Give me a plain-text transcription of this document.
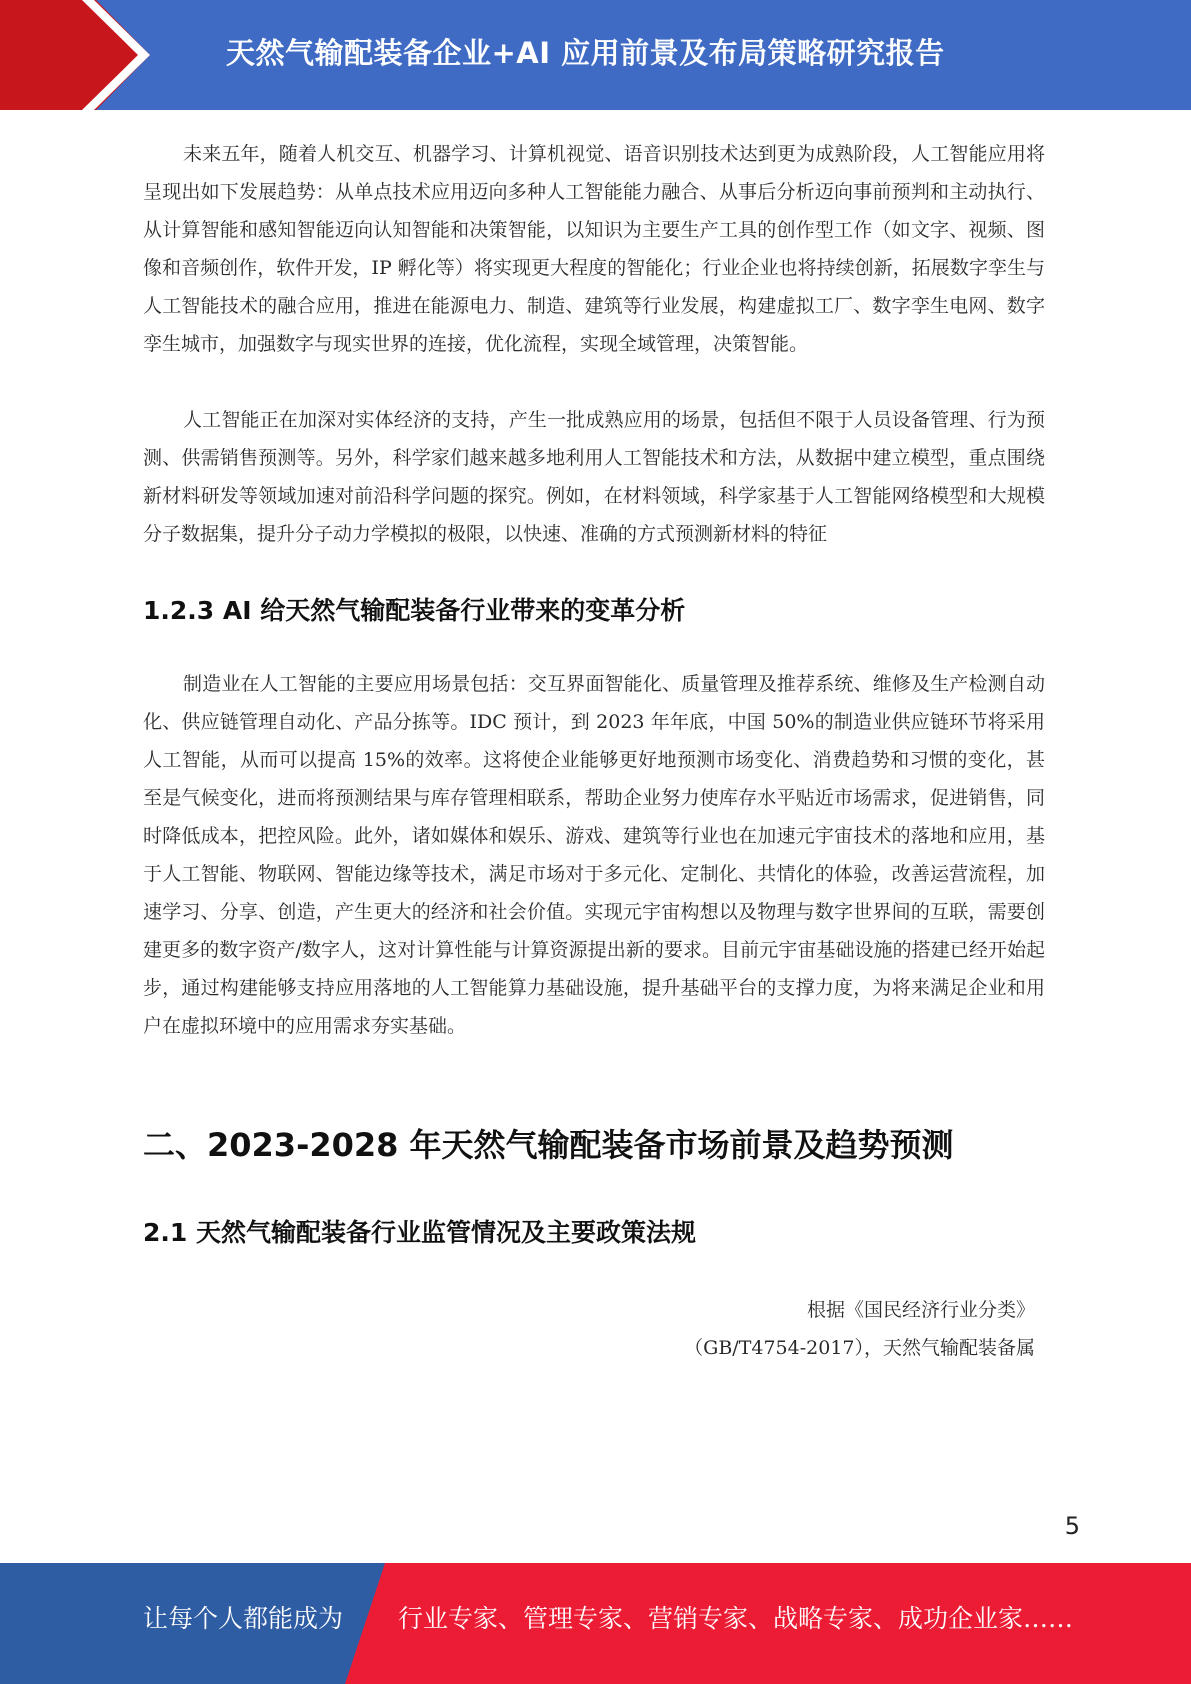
天然气输配装备企业+AI 应用前景及布局策略研究报告

未来五年，随着人机交互、机器学习、计算机视觉、语音识别技术达到更为成熟阶段，人工智能应用将呈现出如下发展趋势：从单点技术应用迈向多种人工智能能力融合、从事后分析迈向事前预判和主动执行、从计算智能和感知智能迈向认知智能和决策智能，以知识为主要生产工具的创作型工作（如文字、视频、图像和音频创作，软件开发，IP 孵化等）将实现更大程度的智能化；行业企业也将持续创新，拓展数字孪生与人工智能技术的融合应用，推进在能源电力、制造、建筑等行业发展，构建虚拟工厂、数字孪生电网、数字孪生城市，加强数字与现实世界的连接，优化流程，实现全域管理，决策智能。

人工智能正在加深对实体经济的支持，产生一批成熟应用的场景，包括但不限于人员设备管理、行为预测、供需销售预测等。另外，科学家们越来越多地利用人工智能技术和方法，从数据中建立模型，重点围绕新材料研发等领域加速对前沿科学问题的探究。例如，在材料领域，科学家基于人工智能网络模型和大规模分子数据集，提升分子动力学模拟的极限，以快速、准确的方式预测新材料的特征

1.2.3 AI 给天然气输配装备行业带来的变革分析

制造业在人工智能的主要应用场景包括：交互界面智能化、质量管理及推荐系统、维修及生产检测自动化、供应链管理自动化、产品分拣等。IDC 预计，到 2023 年年底，中国 50%的制造业供应链环节将采用人工智能，从而可以提高 15%的效率。这将使企业能够更好地预测市场变化、消费趋势和习惯的变化，甚至是气候变化，进而将预测结果与库存管理相联系，帮助企业努力使库存水平贴近市场需求，促进销售，同时降低成本，把控风险。此外，诸如媒体和娱乐、游戏、建筑等行业也在加速元宇宙技术的落地和应用，基于人工智能、物联网、智能边缘等技术，满足市场对于多元化、定制化、共情化的体验，改善运营流程，加速学习、分享、创造，产生更大的经济和社会价值。实现元宇宙构想以及物理与数字世界间的互联，需要创建更多的数字资产/数字人，这对计算性能与计算资源提出新的要求。目前元宇宙基础设施的搭建已经开始起步，通过构建能够支持应用落地的人工智能算力基础设施，提升基础平台的支撑力度，为将来满足企业和用户在虚拟环境中的应用需求夯实基础。

二、2023-2028 年天然气输配装备市场前景及趋势预测
2.1 天然气输配装备行业监管情况及主要政策法规
根据《国民经济行业分类》
（GB/T4754-2017），天然气输配装备属
5
让每个人都能成为 行业专家、管理专家、营销专家、战略专家、成功企业家……
